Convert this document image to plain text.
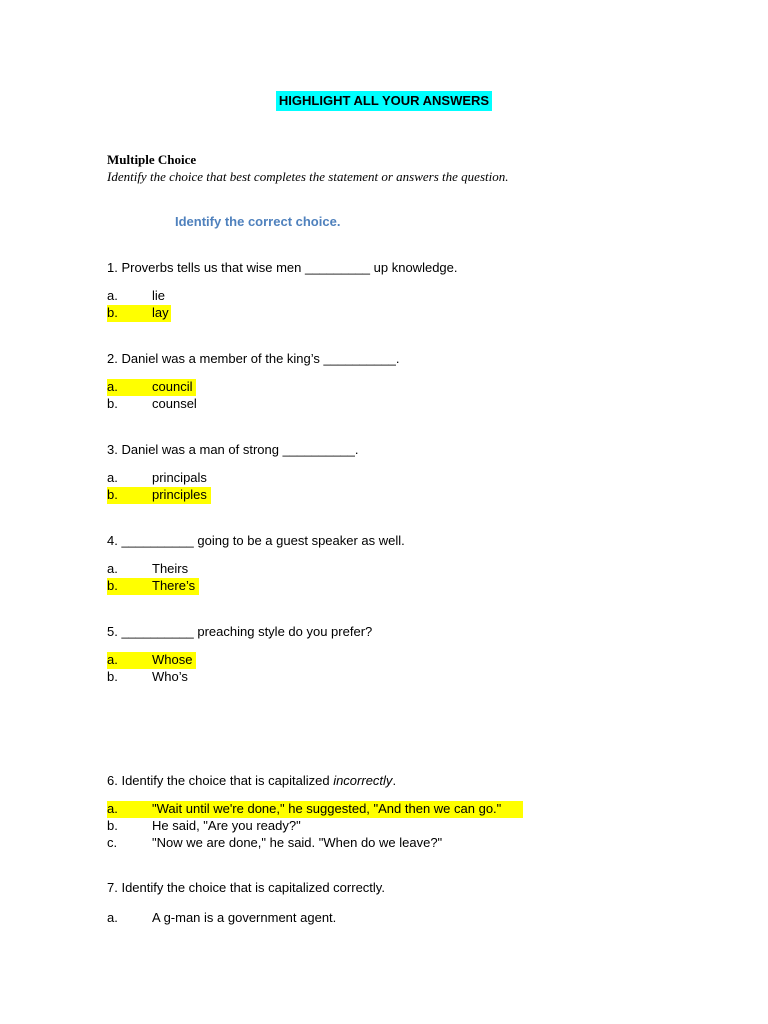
HIGHLIGHT ALL YOUR ANSWERS
Multiple Choice
Identify the choice that best completes the statement or answers the question.
Identify the correct choice.
1. Proverbs tells us that wise men _________ up knowledge.
a.	lie
b.	lay
2. Daniel was a member of the king’s __________.
a.	council
b.	counsel
3. Daniel was a man of strong __________.
a.	principals
b.	principles
4. __________ going to be a guest speaker as well.
a.	Theirs
b.	There’s
5. __________ preaching style do you prefer?
a.	Whose
b.	Who’s
6. Identify the choice that is capitalized incorrectly.
a.	"Wait until we're done," he suggested, "And then we can go."
b.	He said, "Are you ready?"
c.	"Now we are done," he said. "When do we leave?"
7. Identify the choice that is capitalized correctly.
a.	A g-man is a government agent.
